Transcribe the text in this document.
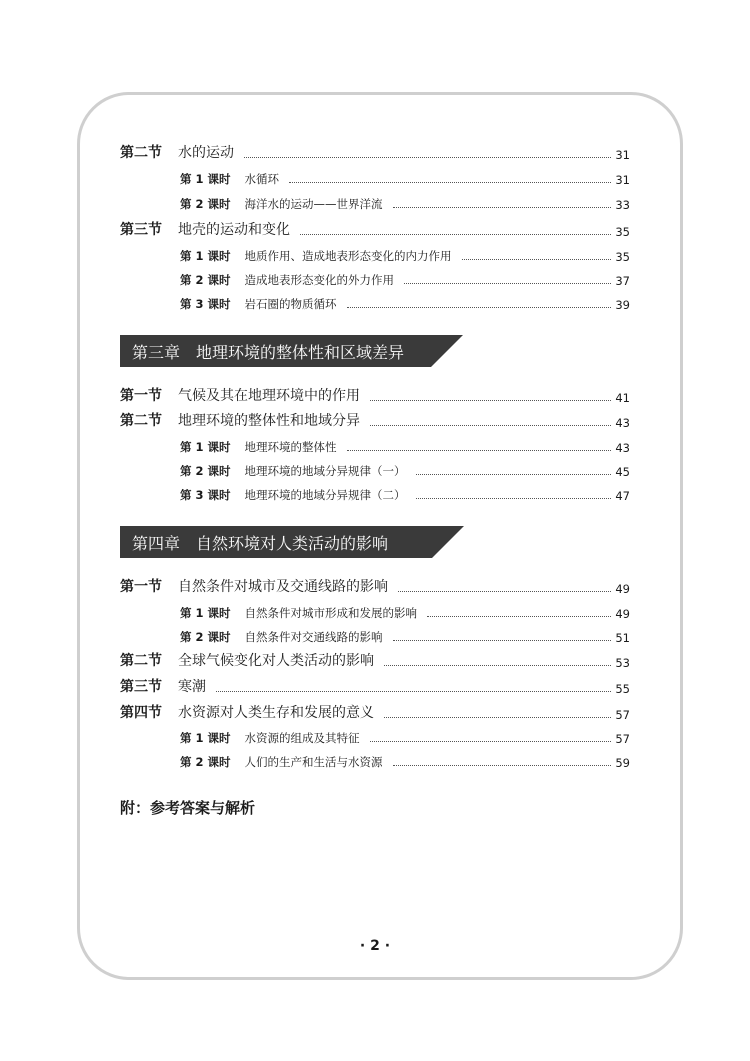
第二节 水的运动	31
第 1 课时 水循环	31
第 2 课时 海洋水的运动——世界洋流	33
第三节 地壳的运动和变化	35
第 1 课时 地质作用、造成地表形态变化的内力作用	35
第 2 课时 造成地表形态变化的外力作用	37
第 3 课时 岩石圈的物质循环	39
第三章 地理环境的整体性和区域差异
第一节 气候及其在地理环境中的作用	41
第二节 地理环境的整体性和地域分异	43
第 1 课时 地理环境的整体性	43
第 2 课时 地理环境的地域分异规律（一）	45
第 3 课时 地理环境的地域分异规律（二）	47
第四章 自然环境对人类活动的影响
第一节 自然条件对城市及交通线路的影响	49
第 1 课时 自然条件对城市形成和发展的影响	49
第 2 课时 自然条件对交通线路的影响	51
第二节 全球气候变化对人类活动的影响	53
第三节 寒潮	55
第四节 水资源对人类生存和发展的意义	57
第 1 课时 水资源的组成及其特征	57
第 2 课时 人们的生产和生活与水资源	59
附：参考答案与解析
· 2 ·
